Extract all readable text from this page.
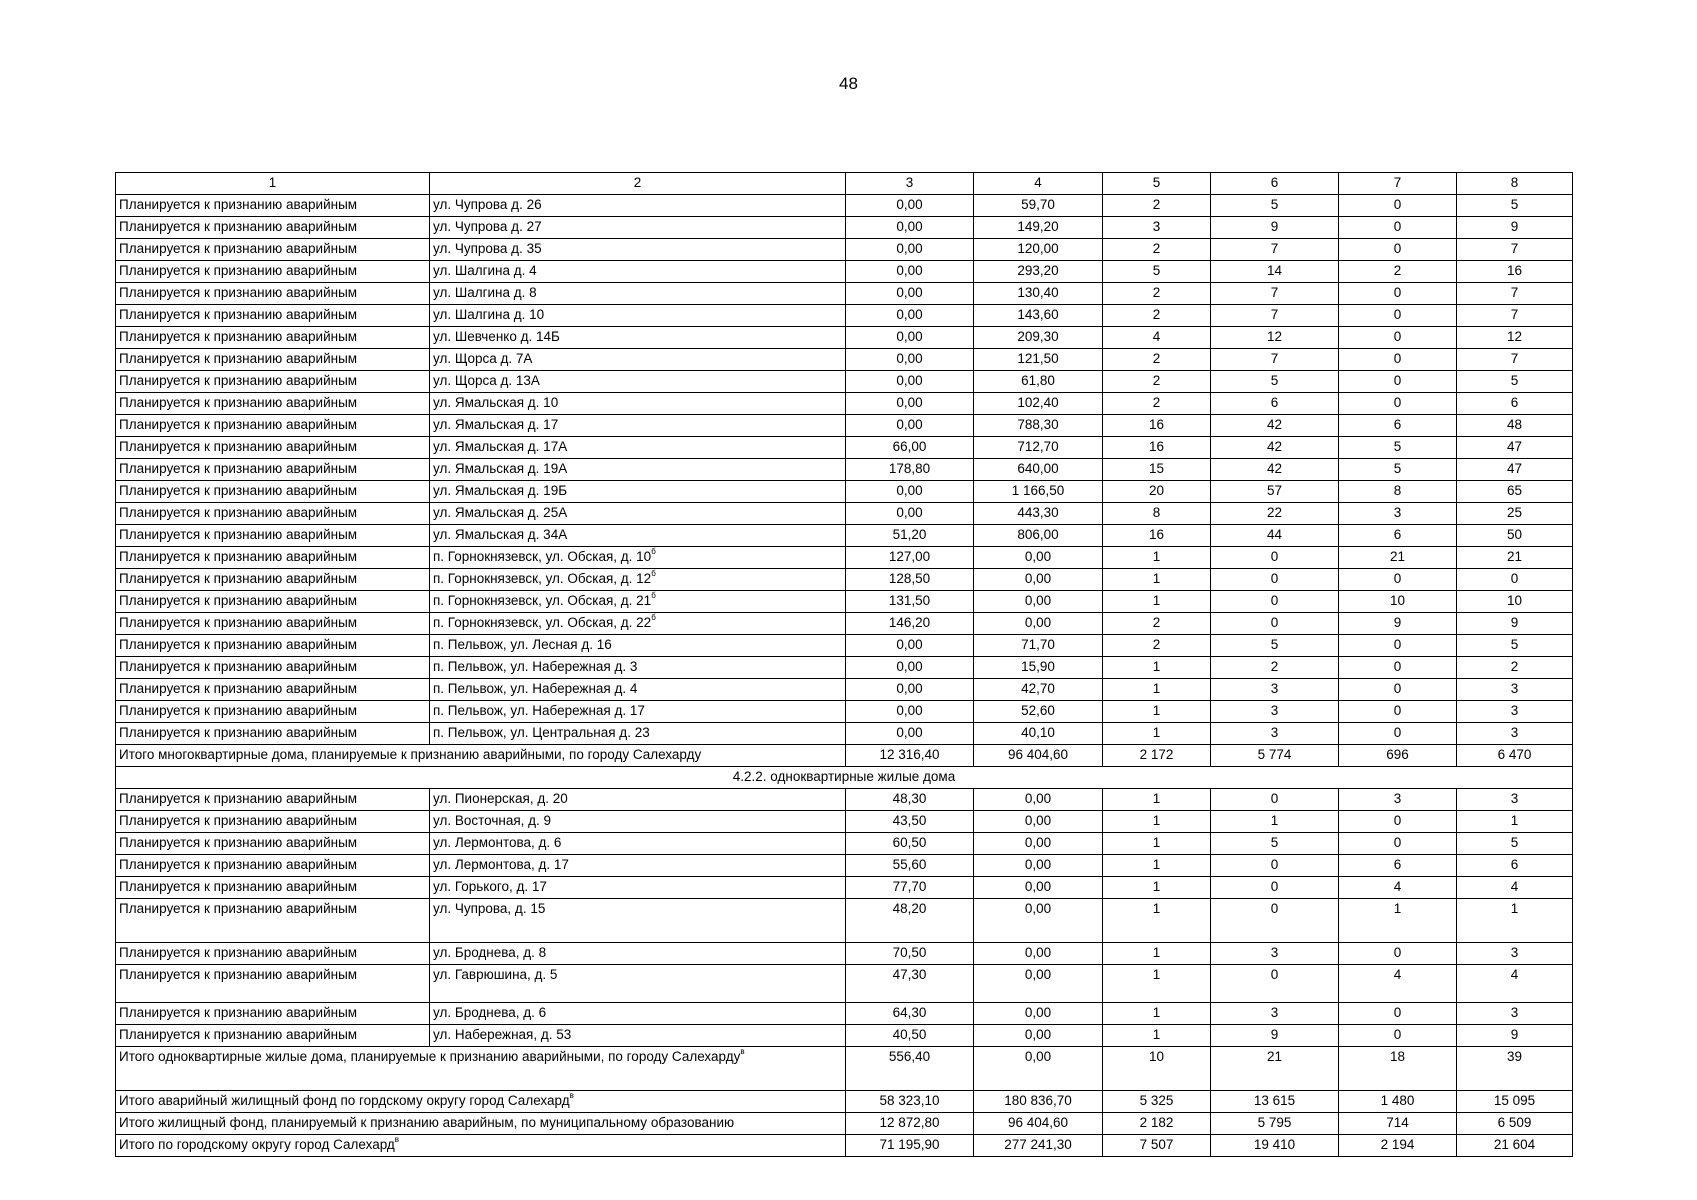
48
1	2	3	4	5	6	7	8
Планируется к признанию аварийным	ул. Чупрова д. 26	0,00	59,70	2	5	0	5
Планируется к признанию аварийным	ул. Чупрова д. 27	0,00	149,20	3	9	0	9
Планируется к признанию аварийным	ул. Чупрова д. 35	0,00	120,00	2	7	0	7
Планируется к признанию аварийным	ул. Шалгина д. 4	0,00	293,20	5	14	2	16
Планируется к признанию аварийным	ул. Шалгина д. 8	0,00	130,40	2	7	0	7
Планируется к признанию аварийным	ул. Шалгина д. 10	0,00	143,60	2	7	0	7
Планируется к признанию аварийным	ул. Шевченко д. 14Б	0,00	209,30	4	12	0	12
Планируется к признанию аварийным	ул. Щорса д. 7А	0,00	121,50	2	7	0	7
Планируется к признанию аварийным	ул. Щорса д. 13А	0,00	61,80	2	5	0	5
Планируется к признанию аварийным	ул. Ямальская д. 10	0,00	102,40	2	6	0	6
Планируется к признанию аварийным	ул. Ямальская д. 17	0,00	788,30	16	42	6	48
Планируется к признанию аварийным	ул. Ямальская д. 17А	66,00	712,70	16	42	5	47
Планируется к признанию аварийным	ул. Ямальская д. 19А	178,80	640,00	15	42	5	47
Планируется к признанию аварийным	ул. Ямальская д. 19Б	0,00	1 166,50	20	57	8	65
Планируется к признанию аварийным	ул. Ямальская д. 25А	0,00	443,30	8	22	3	25
Планируется к признанию аварийным	ул. Ямальская д. 34А	51,20	806,00	16	44	6	50
Планируется к признанию аварийным	п. Горнокнязевск, ул. Обская, д. $10^б$	127,00	0,00	1	0	21	21
Планируется к признанию аварийным	п. Горнокнязевск, ул. Обская, д. $12^б$	128,50	0,00	1	0	0	0
Планируется к признанию аварийным	п. Горнокнязевск, ул. Обская, д. $21^б$	131,50	0,00	1	0	10	10
Планируется к признанию аварийным	п. Горнокнязевск, ул. Обская, д. $22^б$	146,20	0,00	2	0	9	9
Планируется к признанию аварийным	п. Пельвож, ул. Лесная д. 16	0,00	71,70	2	5	0	5
Планируется к признанию аварийным	п. Пельвож, ул. Набережная д. 3	0,00	15,90	1	2	0	2
Планируется к признанию аварийным	п. Пельвож, ул. Набережная д. 4	0,00	42,70	1	3	0	3
Планируется к признанию аварийным	п. Пельвож, ул. Набережная д. 17	0,00	52,60	1	3	0	3
Планируется к признанию аварийным	п. Пельвож, ул. Центральная д. 23	0,00	40,10	1	3	0	3
Итого многоквартирные дома, планируемые к признанию аварийными, по городу Салехарду		12 316,40	96 404,60	2 172	5 774	696	6 470
4.2.2. одноквартирные жилые дома							
Планируется к признанию аварийным	ул. Пионерская, д. 20	48,30	0,00	1	0	3	3
Планируется к признанию аварийным	ул. Восточная, д. 9	43,50	0,00	1	1	0	1
Планируется к признанию аварийным	ул. Лермонтова, д. 6	60,50	0,00	1	5	0	5
Планируется к признанию аварийным	ул. Лермонтова, д. 17	55,60	0,00	1	0	6	6
Планируется к признанию аварийным	ул. Горького, д. 17	77,70	0,00	1	0	4	4
Планируется к признанию аварийным	ул. Чупрова, д. 15	48,20	0,00	1	0	1	1
Планируется к признанию аварийным	ул. Броднева, д. 8	70,50	0,00	1	3	0	3
Планируется к признанию аварийным	ул. Гаврюшина, д. 5	47,30	0,00	1	0	4	4
Планируется к признанию аварийным	ул. Броднева, д. 6	64,30	0,00	1	3	0	3
Планируется к признанию аварийным	ул. Набережная, д. 53	40,50	0,00	1	9	0	9
Итого одноквартирные жилые дома, планируемые к признанию аварийными, по городу Салехарду$^в$		556,40	0,00	10	21	18	39
Итого аварийный жилищный фонд по гордскому округу город Салехард$^в$		58 323,10	180 836,70	5 325	13 615	1 480	15 095
Итого жилищный фонд, планируемый к признанию аварийным, по муниципальному образованию		12 872,80	96 404,60	2 182	5 795	714	6 509
Итого по городскому округу город Салехард$^в$		71 195,90	277 241,30	7 507	19 410	2 194	21 604
